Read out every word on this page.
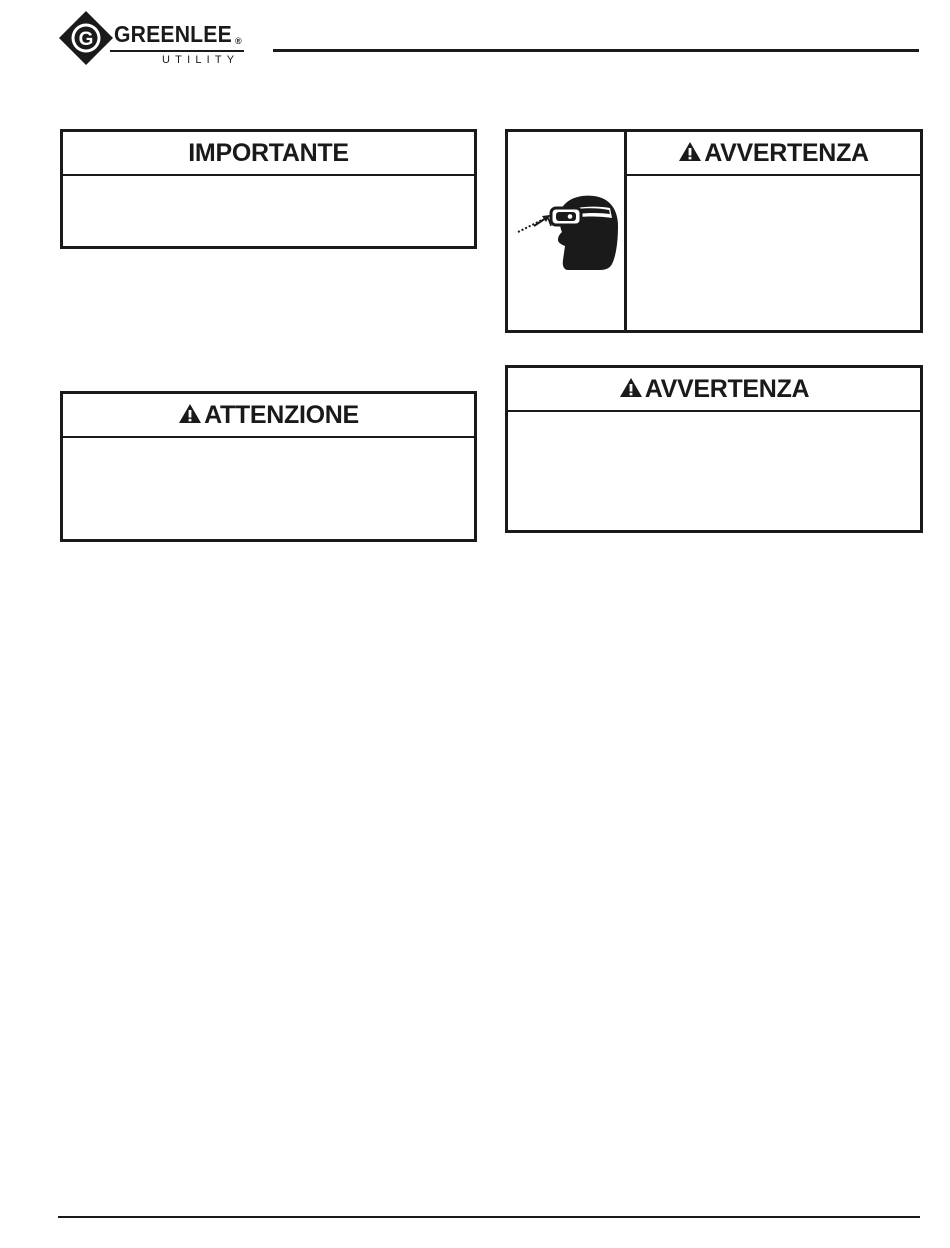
G GREENLEE ®
UTILITY
IMPORTANTE
ATTENZIONE
AVVERTENZA
AVVERTENZA
